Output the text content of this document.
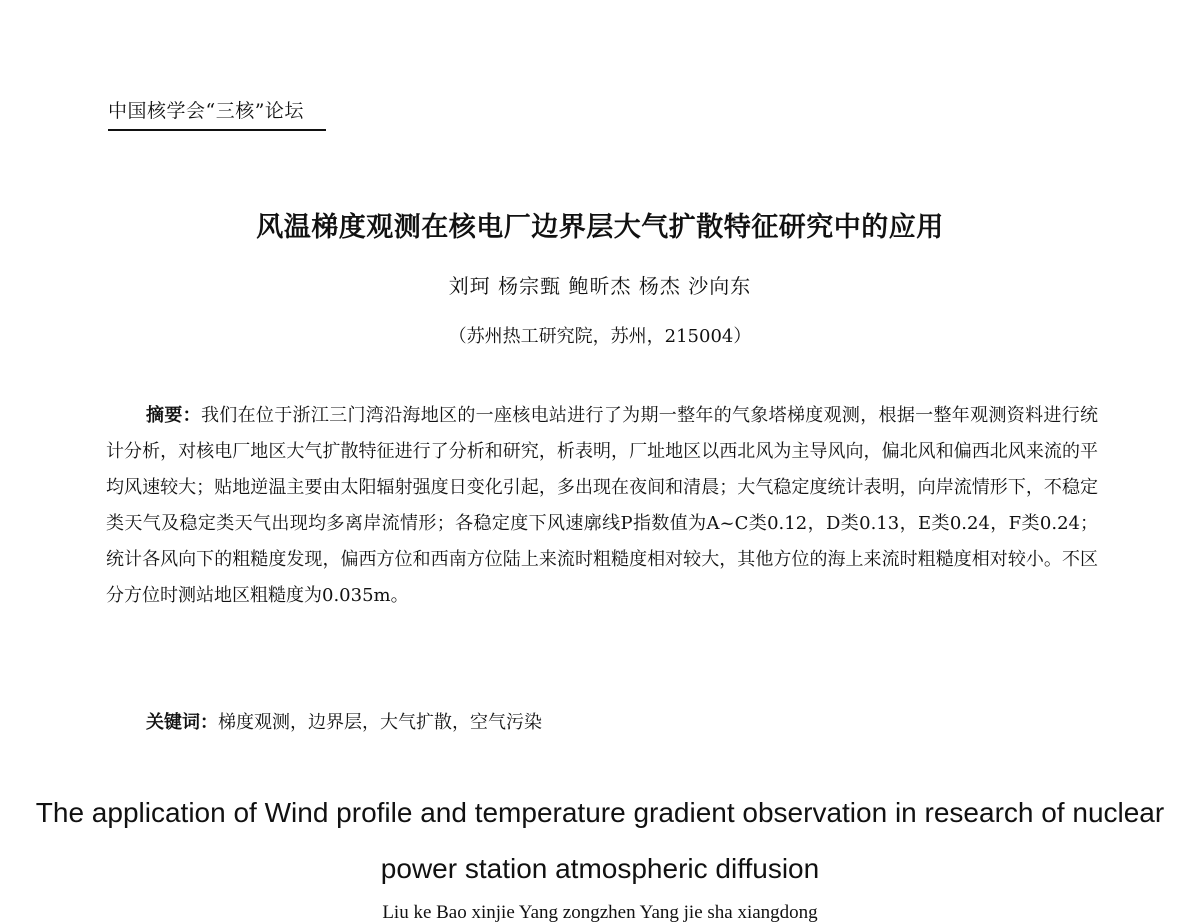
中国核学会“三核”论坛
风温梯度观测在核电厂边界层大气扩散特征研究中的应用
刘珂 杨宗甄 鲍昕杰 杨杰 沙向东
（苏州热工研究院，苏州，215004）

摘要：我们在位于浙江三门湾沿海地区的一座核电站进行了为期一整年的气象塔梯度观测，根据一整年观测资料进行统计分析，对核电厂地区大气扩散特征进行了分析和研究，析表明，厂址地区以西北风为主导风向，偏北风和偏西北风来流的平均风速较大；贴地逆温主要由太阳辐射强度日变化引起，多出现在夜间和清晨；大气稳定度统计表明，向岸流情形下，不稳定类天气及稳定类天气出现均多离岸流情形；各稳定度下风速廓线P指数值为A~C类0.12，D类0.13，E类0.24，F类0.24；统计各风向下的粗糙度发现，偏西方位和西南方位陆上来流时粗糙度相对较大，其他方位的海上来流时粗糙度相对较小。不区分方位时测站地区粗糙度为0.035m。

关键词：梯度观测，边界层，大气扩散，空气污染

The application of Wind profile and temperature gradient observation in research of nuclear power station atmospheric diffusion

Liu ke Bao xinjie Yang zongzhen Yang jie sha xiangdong
